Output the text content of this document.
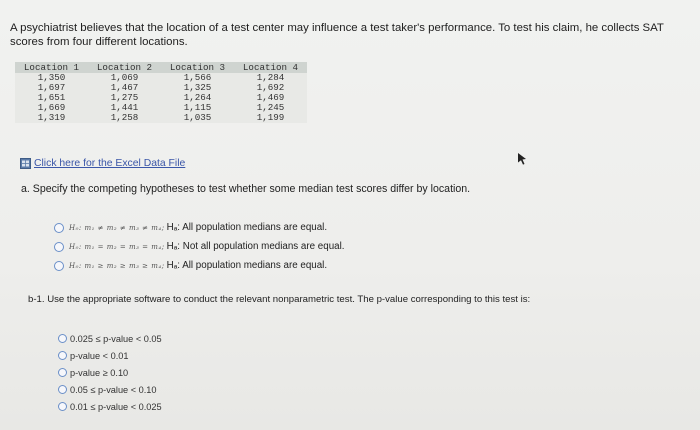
A psychiatrist believes that the location of a test center may influence a test taker's performance. To test his claim, he collects SAT scores from four different locations.
Location 1	Location 2	Location 3	Location 4
1,350	1,069	1,566	1,284
1,697	1,467	1,325	1,692
1,651	1,275	1,264	1,469
1,669	1,441	1,115	1,245
1,319	1,258	1,035	1,199
Click here for the Excel Data File
a. Specify the competing hypotheses to test whether some median test scores differ by location.
H₀: m₁ ≠ m₂ ≠ m₃ ≠ m₄; Hₐ: All population medians are equal.
H₀: m₁ = m₂ = m₃ = m₄; Hₐ: Not all population medians are equal.
H₀: m₁ ≥ m₂ ≥ m₃ ≥ m₄; Hₐ: All population medians are equal.
b-1. Use the appropriate software to conduct the relevant nonparametric test. The p-value corresponding to this test is:
0.025 ≤ p-value < 0.05
p-value < 0.01
p-value ≥ 0.10
0.05 ≤ p-value < 0.10
0.01 ≤ p-value < 0.025
